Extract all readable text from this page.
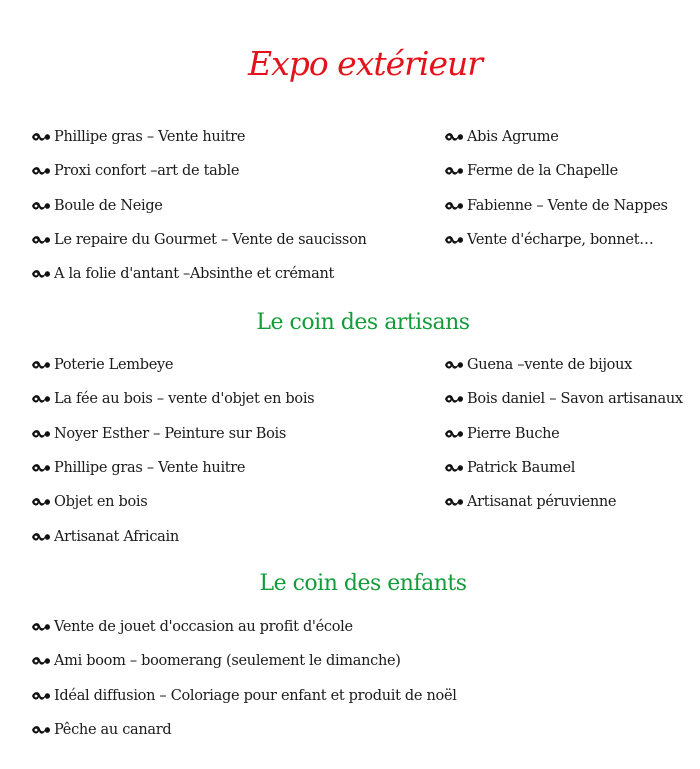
Expo extérieur
Phillipe gras – Vente huitre
Proxi confort –art de table
Boule de Neige
Le repaire du Gourmet – Vente de saucisson
A la folie d'antant –Absinthe et crémant
Abis Agrume
Ferme de la Chapelle
Fabienne – Vente de Nappes
Vente d'écharpe, bonnet…
Le coin des artisans
Poterie Lembeye
La fée au bois – vente d'objet en bois
Noyer Esther – Peinture sur Bois
Phillipe gras – Vente huitre
Objet en bois
Artisanat Africain
Guena –vente de bijoux
Bois daniel – Savon artisanaux
Pierre Buche
Patrick Baumel
Artisanat péruvienne
Le coin des enfants
Vente de jouet d'occasion au profit d'école
Ami boom – boomerang (seulement le dimanche)
Idéal diffusion – Coloriage pour enfant et produit de noël
Pêche au canard
